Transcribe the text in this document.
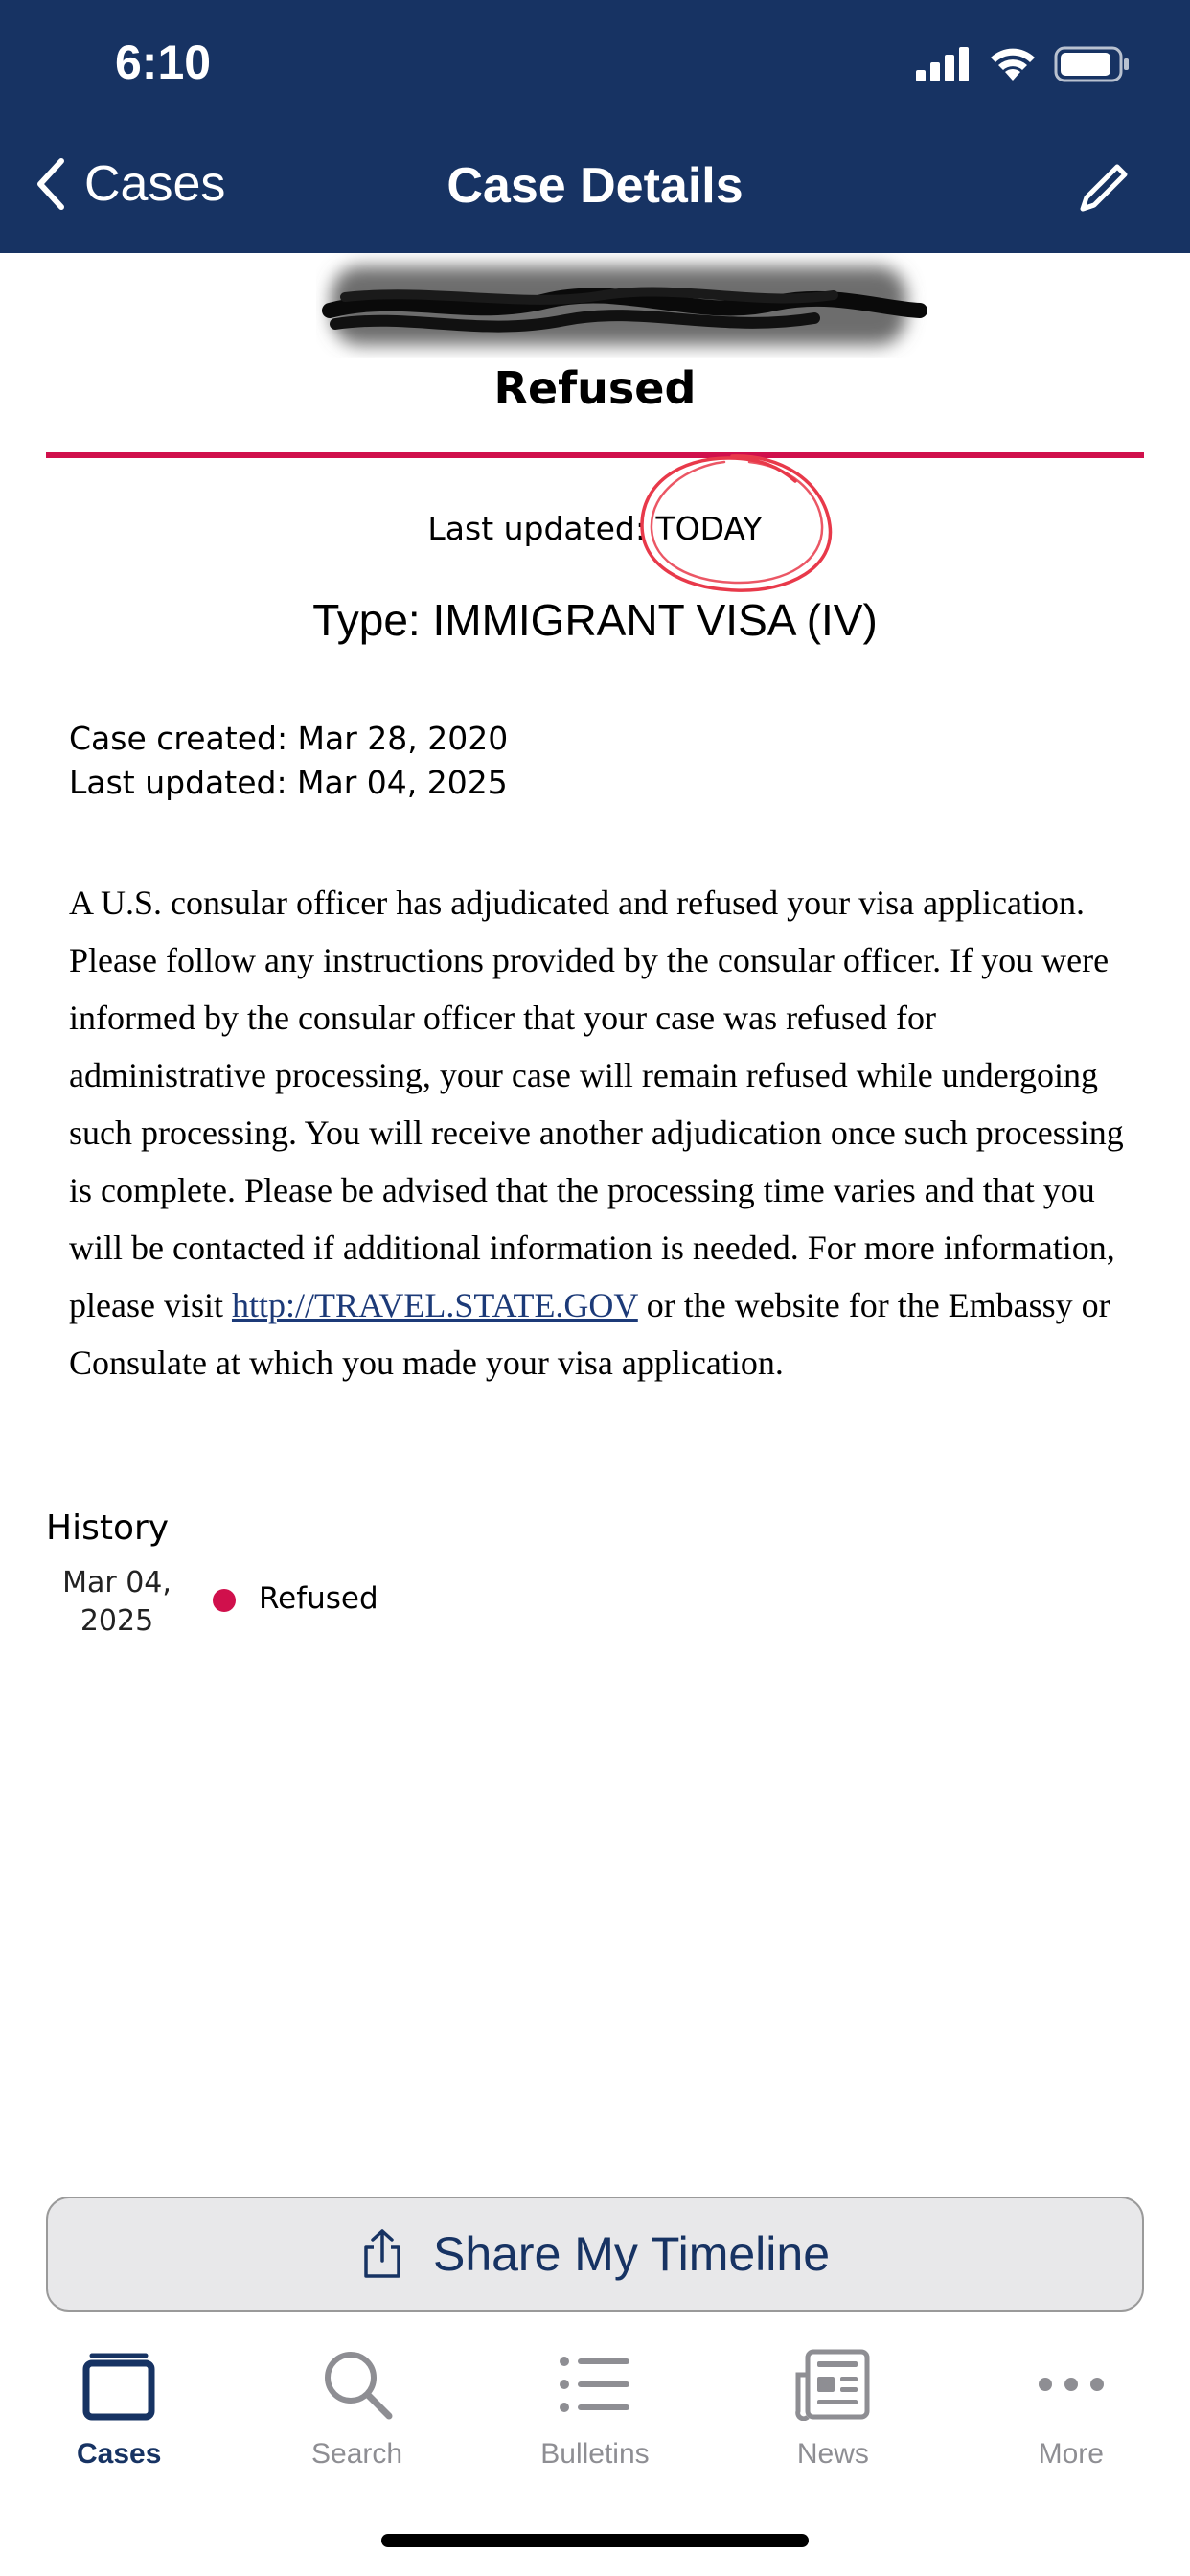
6:10
Cases	Case Details
Refused
Last updated: TODAY
Type: IMMIGRANT VISA (IV)
Case created: Mar 28, 2020
Last updated: Mar 04, 2025
A U.S. consular officer has adjudicated and refused your visa application. Please follow any instructions provided by the consular officer. If you were informed by the consular officer that your case was refused for administrative processing, your case will remain refused while undergoing such processing. You will receive another adjudication once such processing is complete. Please be advised that the processing time varies and that you will be contacted if additional information is needed. For more information, please visit http://TRAVEL.STATE.GOV or the website for the Embassy or Consulate at which you made your visa application.
History
Mar 04,
2025
Refused
Share My Timeline
Cases	Search	Bulletins	News	More
